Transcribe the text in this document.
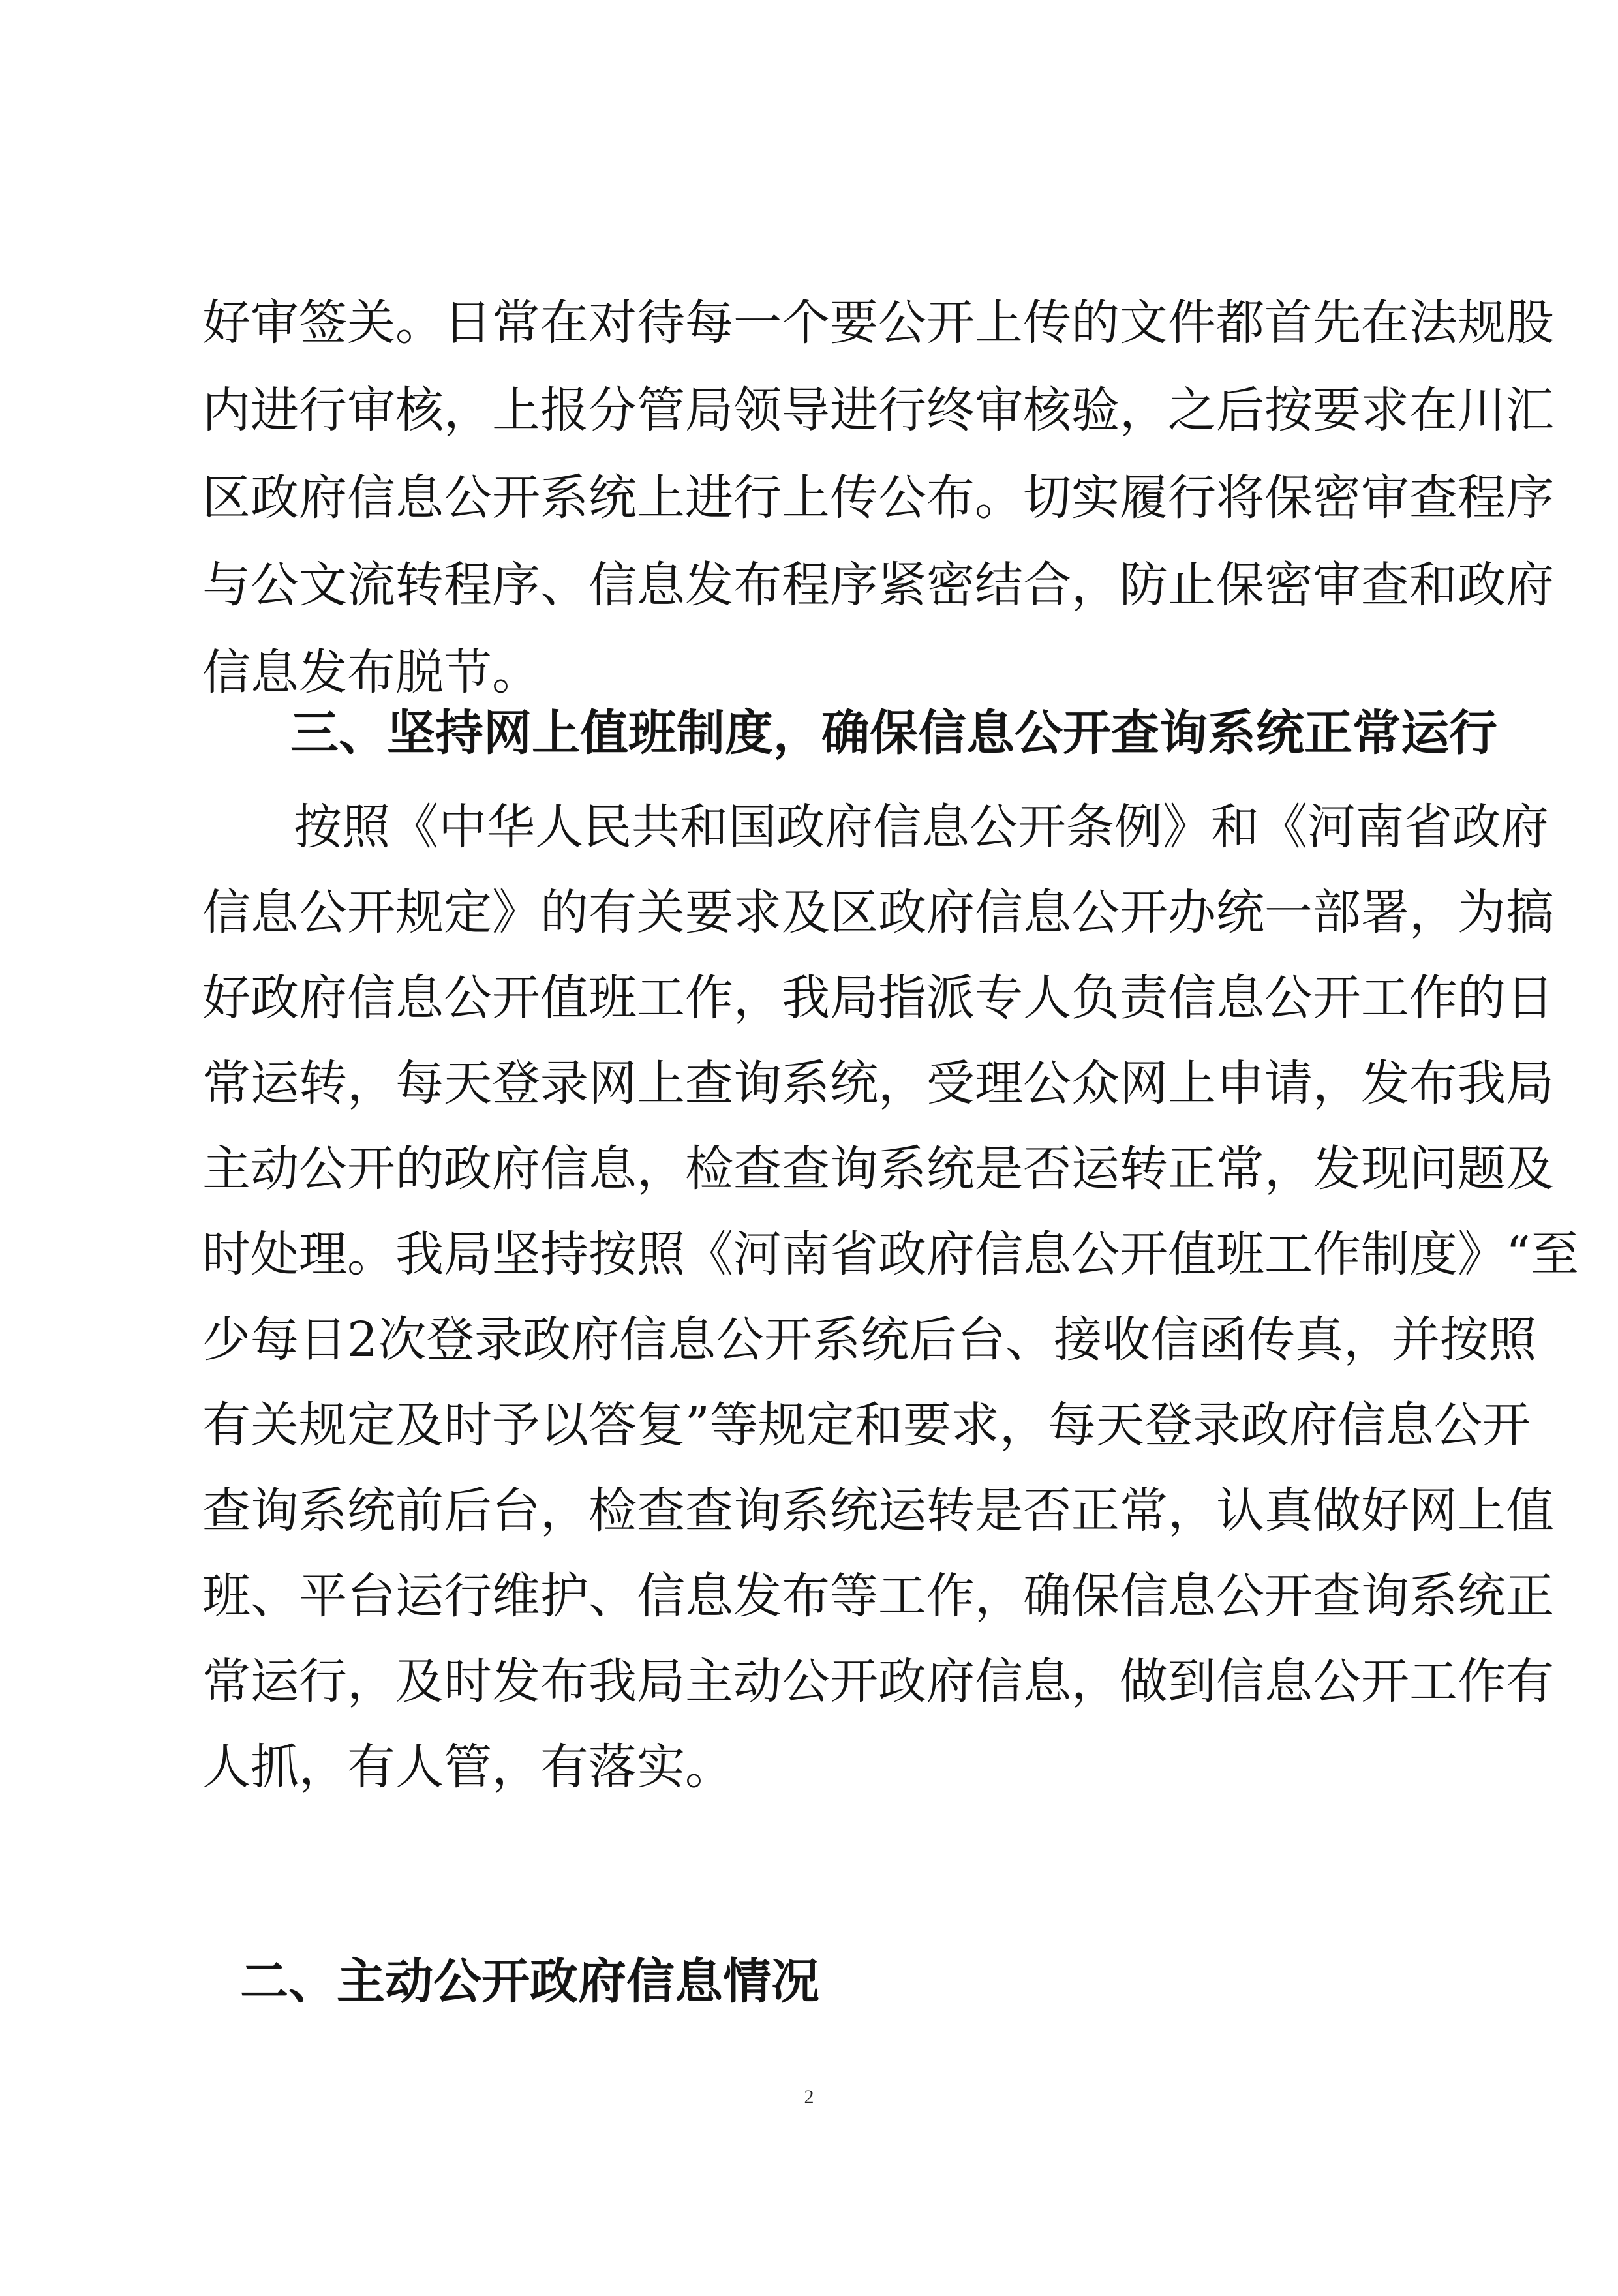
好审签关。日常在对待每一个要公开上传的文件都首先在法规股
内进行审核，上报分管局领导进行终审核验，之后按要求在川汇
区政府信息公开系统上进行上传公布。切实履行将保密审查程序
与公文流转程序、信息发布程序紧密结合，防止保密审查和政府
信息发布脱节。
三、坚持网上值班制度，确保信息公开查询系统正常运行
按照《中华人民共和国政府信息公开条例》和《河南省政府
信息公开规定》的有关要求及区政府信息公开办统一部署，为搞
好政府信息公开值班工作，我局指派专人负责信息公开工作的日
常运转，每天登录网上查询系统，受理公众网上申请，发布我局
主动公开的政府信息，检查查询系统是否运转正常，发现问题及
时处理。我局坚持按照《河南省政府信息公开值班工作制度》“至
少每日2次登录政府信息公开系统后台、接收信函传真，并按照
有关规定及时予以答复”等规定和要求，每天登录政府信息公开
查询系统前后台，检查查询系统运转是否正常，认真做好网上值
班、平台运行维护、信息发布等工作，确保信息公开查询系统正
常运行，及时发布我局主动公开政府信息，做到信息公开工作有
人抓，有人管，有落实。
二、主动公开政府信息情况
2
